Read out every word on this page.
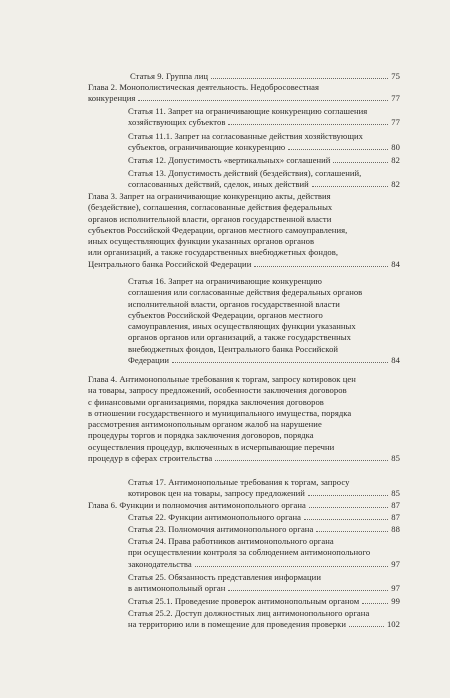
Статья 9. Группа лиц	75
Глава 2. Монополистическая деятельность. Недобросовестная
конкуренция	77
Статья 11. Запрет на ограничивающие конкуренцию соглашения
хозяйствующих субъектов	77
Статья 11.1. Запрет на согласованные действия хозяйствующих
субъектов, ограничивающие конкуренцию	80
Статья 12. Допустимость «вертикальных» соглашений	82
Статья 13. Допустимость действий (бездействия), соглашений,
согласованных действий, сделок, иных действий	82
Глава 3. Запрет на ограничивающие конкуренцию акты, действия
(бездействие), соглашения, согласованные действия федеральных
органов исполнительной власти, органов государственной власти
субъектов Российской Федерации, органов местного самоуправления,
иных осуществляющих функции указанных органов органов
или организаций, а также государственных внебюджетных фондов,
Центрального банка Российской Федерации	84
Статья 16. Запрет на ограничивающие конкуренцию
соглашения или согласованные действия федеральных органов
исполнительной власти, органов государственной власти
субъектов Российской Федерации, органов местного
самоуправления, иных осуществляющих функции указанных
органов органов или организаций, а также государственных
внебюджетных фондов, Центрального банка Российской
Федерации	84
Глава 4. Антимонопольные требования к торгам, запросу котировок цен
на товары, запросу предложений, особенности заключения договоров
с финансовыми организациями, порядка заключения договоров
в отношении государственного и муниципального имущества, порядка
рассмотрения антимонопольным органом жалоб на нарушение
процедуры торгов и порядка заключения договоров, порядка
осуществления процедур, включенных в исчерпывающие перечни
процедур в сферах строительства	85
Статья 17. Антимонопольные требования к торгам, запросу
котировок цен на товары, запросу предложений	85
Глава 6. Функции и полномочия антимонопольного органа	87
Статья 22. Функции антимонопольного органа	87
Статья 23. Полномочия антимонопольного органа	88
Статья 24. Права работников антимонопольного органа
при осуществлении контроля за соблюдением антимонопольного
законодательства	97
Статья 25. Обязанность представления информации
в антимонопольный орган	97
Статья 25.1. Проведение проверок антимонопольным органом	99
Статья 25.2. Доступ должностных лиц антимонопольного органа
на территорию или в помещение для проведения проверки	102
